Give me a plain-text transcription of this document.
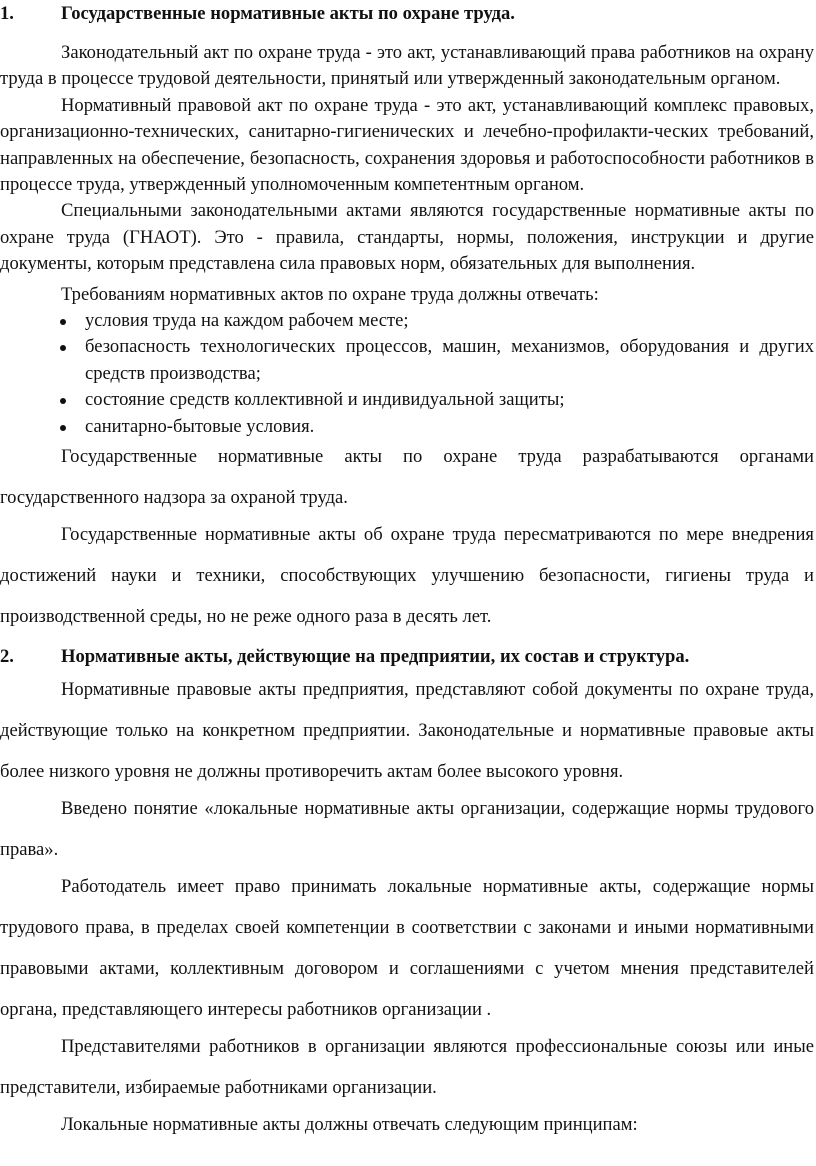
1.	Государственные нормативные акты по охране труда.

Законодательный акт по охране труда - это акт, устанавливающий права работников на охрану труда в процессе трудовой деятельности, принятый или утвержденный законодательным органом.

Нормативный правовой акт по охране труда - это акт, устанавливающий комплекс правовых, организационно-технических, санитарно-гигиенических и лечебно-профилакти-ческих требований, направленных на обеспечение, безопасность, сохранения здоровья и работоспособности работников в процессе труда, утвержденный уполномоченным компетентным органом.

Специальными законодательными актами являются государственные нормативные акты по охране труда (ГНАОТ). Это - правила, стандарты, нормы, положения, инструкции и другие документы, которым представлена сила правовых норм, обязательных для выполнения.

Требованиям нормативных актов по охране труда должны отвечать:

условия труда на каждом рабочем месте;
безопасность технологических процессов, машин, механизмов, оборудования и других средств производства;
состояние средств коллективной и индивидуальной защиты;
санитарно-бытовые условия.

Государственные нормативные акты по охране труда разрабатываются органами государственного надзора за охраной труда.

Государственные нормативные акты об охране труда пересматриваются по мере внедрения достижений науки и техники, способствующих улучшению безопасности, гигиены труда и производственной среды, но не реже одного раза в десять лет.

2.	Нормативные акты, действующие на предприятии, их состав и структура.

Нормативные правовые акты предприятия, представляют собой документы по охране труда, действующие только на конкретном предприятии. Законодательные и нормативные правовые акты более низкого уровня не должны противоречить актам более высокого уровня.

Введено понятие «локальные нормативные акты организации, содержащие нормы трудового права».

Работодатель имеет право принимать локальные нормативные акты, содержащие нормы трудового права, в пределах своей компетенции в соответствии с законами и иными нормативными правовыми актами, коллективным договором и соглашениями с учетом мнения представителей органа, представляющего интересы работников организации .

Представителями работников в организации являются профессиональные союзы или иные представители, избираемые работниками организации.

Локальные нормативные акты должны отвечать следующим принципам:
